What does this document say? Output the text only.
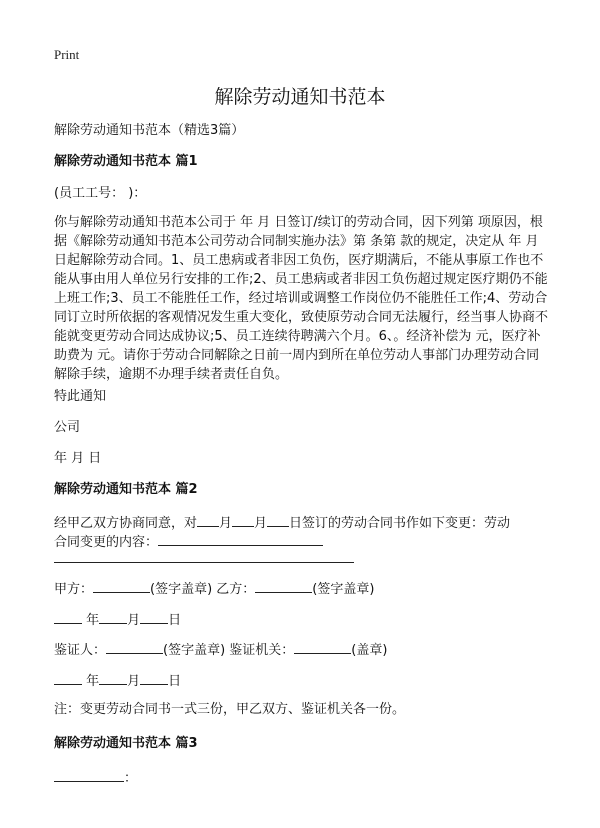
Print
解除劳动通知书范本
解除劳动通知书范本（精选3篇）
解除劳动通知书范本 篇1
(员工工号： )：

你与解除劳动通知书范本公司于 年 月 日签订/续订的劳动合同，因下列第 项原因，根据《解除劳动通知书范本公司劳动合同制实施办法》第 条第 款的规定，决定从 年 月 日起解除劳动合同。1、员工患病或者非因工负伤，医疗期满后，不能从事原工作也不能从事由用人单位另行安排的工作;2、员工患病或者非因工负伤超过规定医疗期仍不能上班工作;3、员工不能胜任工作，经过培训或调整工作岗位仍不能胜任工作;4、劳动合同订立时所依据的客观情况发生重大变化，致使原劳动合同无法履行，经当事人协商不能就变更劳动合同达成协议;5、员工连续待聘满六个月。6、。经济补偿为 元，医疗补助费为 元。请你于劳动合同解除之日前一周内到所在单位劳动人事部门办理劳动合同解除手续，逾期不办理手续者责任自负。

特此通知
公司
年 月 日
解除劳动通知书范本 篇2
经甲乙双方协商同意，对 月 月 日签订的劳动合同书作如下变更：劳动
合同变更的内容：
甲方：	(签字盖章) 乙方：	(签字盖章)
年 月 日
鉴证人：	(签字盖章) 鉴证机关：	(盖章)
年 月 日
注：变更劳动合同书一式三份，甲乙双方、鉴证机关各一份。
解除劳动通知书范本 篇3
：
